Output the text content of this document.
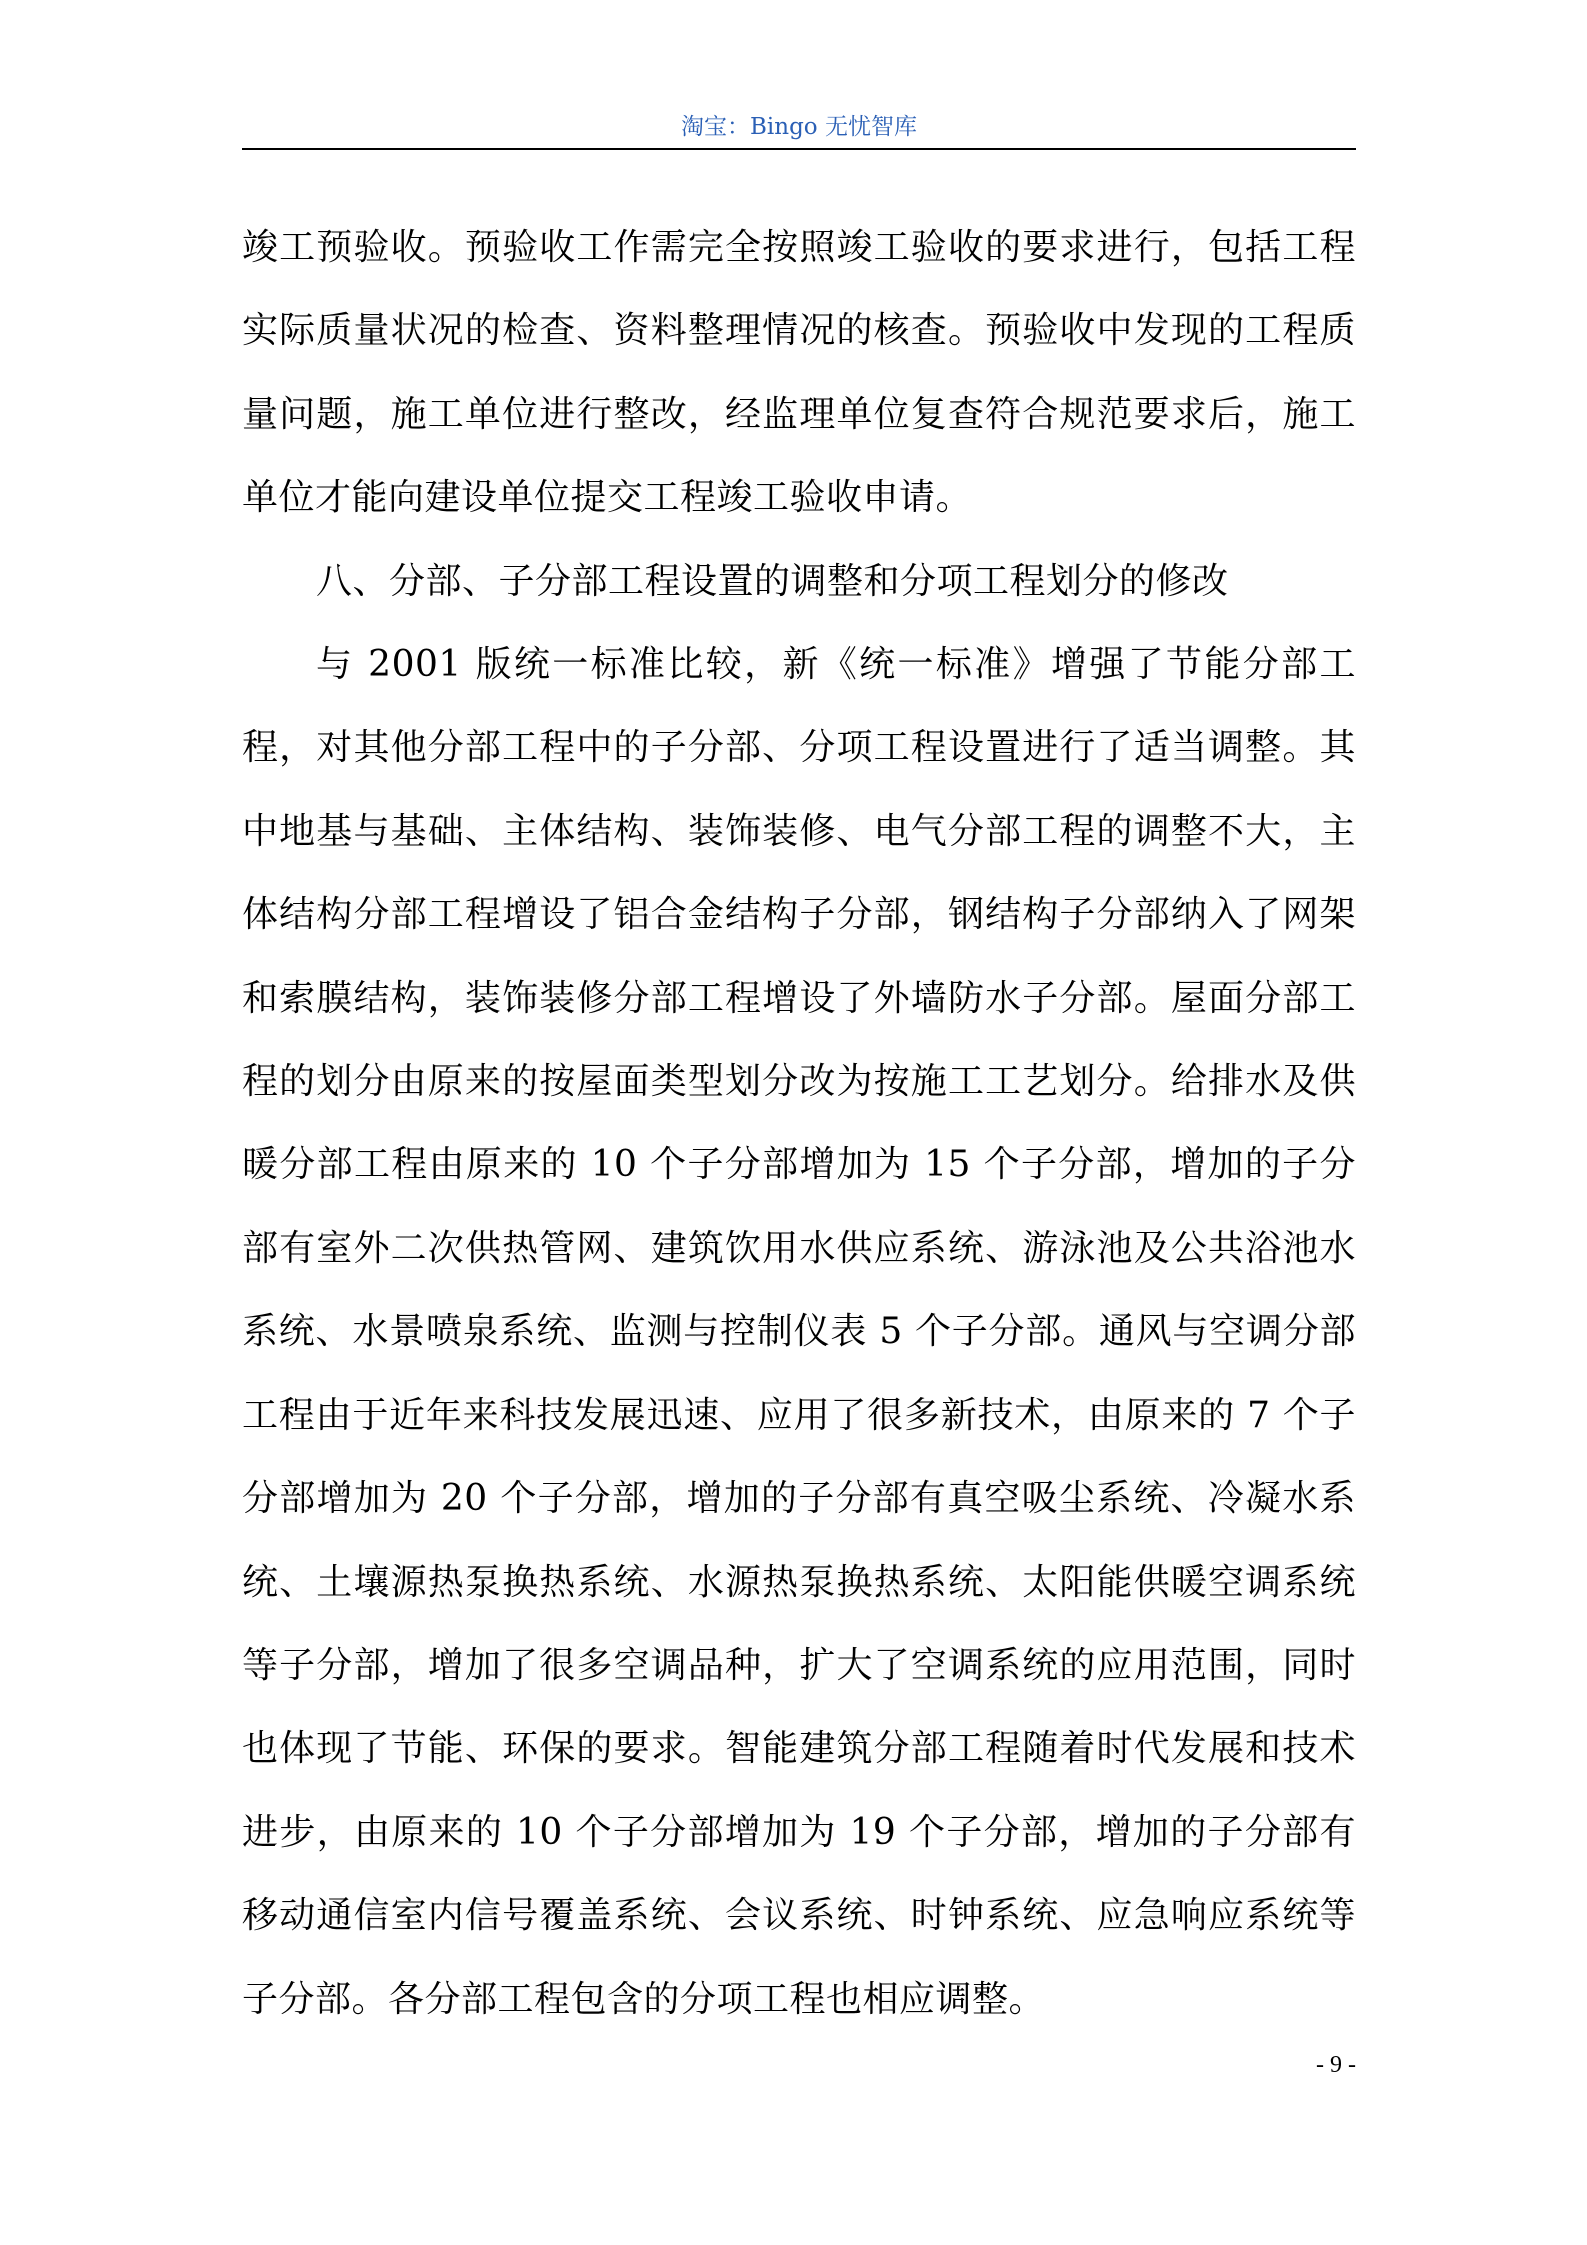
淘宝：Bingo 无忧智库

竣工预验收。预验收工作需完全按照竣工验收的要求进行，包括工程实际质量状况的检查、资料整理情况的核查。预验收中发现的工程质量问题，施工单位进行整改，经监理单位复查符合规范要求后，施工单位才能向建设单位提交工程竣工验收申请。

八、分部、子分部工程设置的调整和分项工程划分的修改

与 2001 版统一标准比较，新《统一标准》增强了节能分部工程，对其他分部工程中的子分部、分项工程设置进行了适当调整。其中地基与基础、主体结构、装饰装修、电气分部工程的调整不大，主体结构分部工程增设了铝合金结构子分部，钢结构子分部纳入了网架和索膜结构，装饰装修分部工程增设了外墙防水子分部。屋面分部工程的划分由原来的按屋面类型划分改为按施工工艺划分。给排水及供暖分部工程由原来的 10 个子分部增加为 15 个子分部，增加的子分部有室外二次供热管网、建筑饮用水供应系统、游泳池及公共浴池水系统、水景喷泉系统、监测与控制仪表 5 个子分部。通风与空调分部工程由于近年来科技发展迅速、应用了很多新技术，由原来的 7 个子分部增加为 20 个子分部，增加的子分部有真空吸尘系统、冷凝水系统、土壤源热泵换热系统、水源热泵换热系统、太阳能供暖空调系统等子分部，增加了很多空调品种，扩大了空调系统的应用范围，同时也体现了节能、环保的要求。智能建筑分部工程随着时代发展和技术进步，由原来的 10 个子分部增加为 19 个子分部，增加的子分部有移动通信室内信号覆盖系统、会议系统、时钟系统、应急响应系统等子分部。各分部工程包含的分项工程也相应调整。

- 9 -
